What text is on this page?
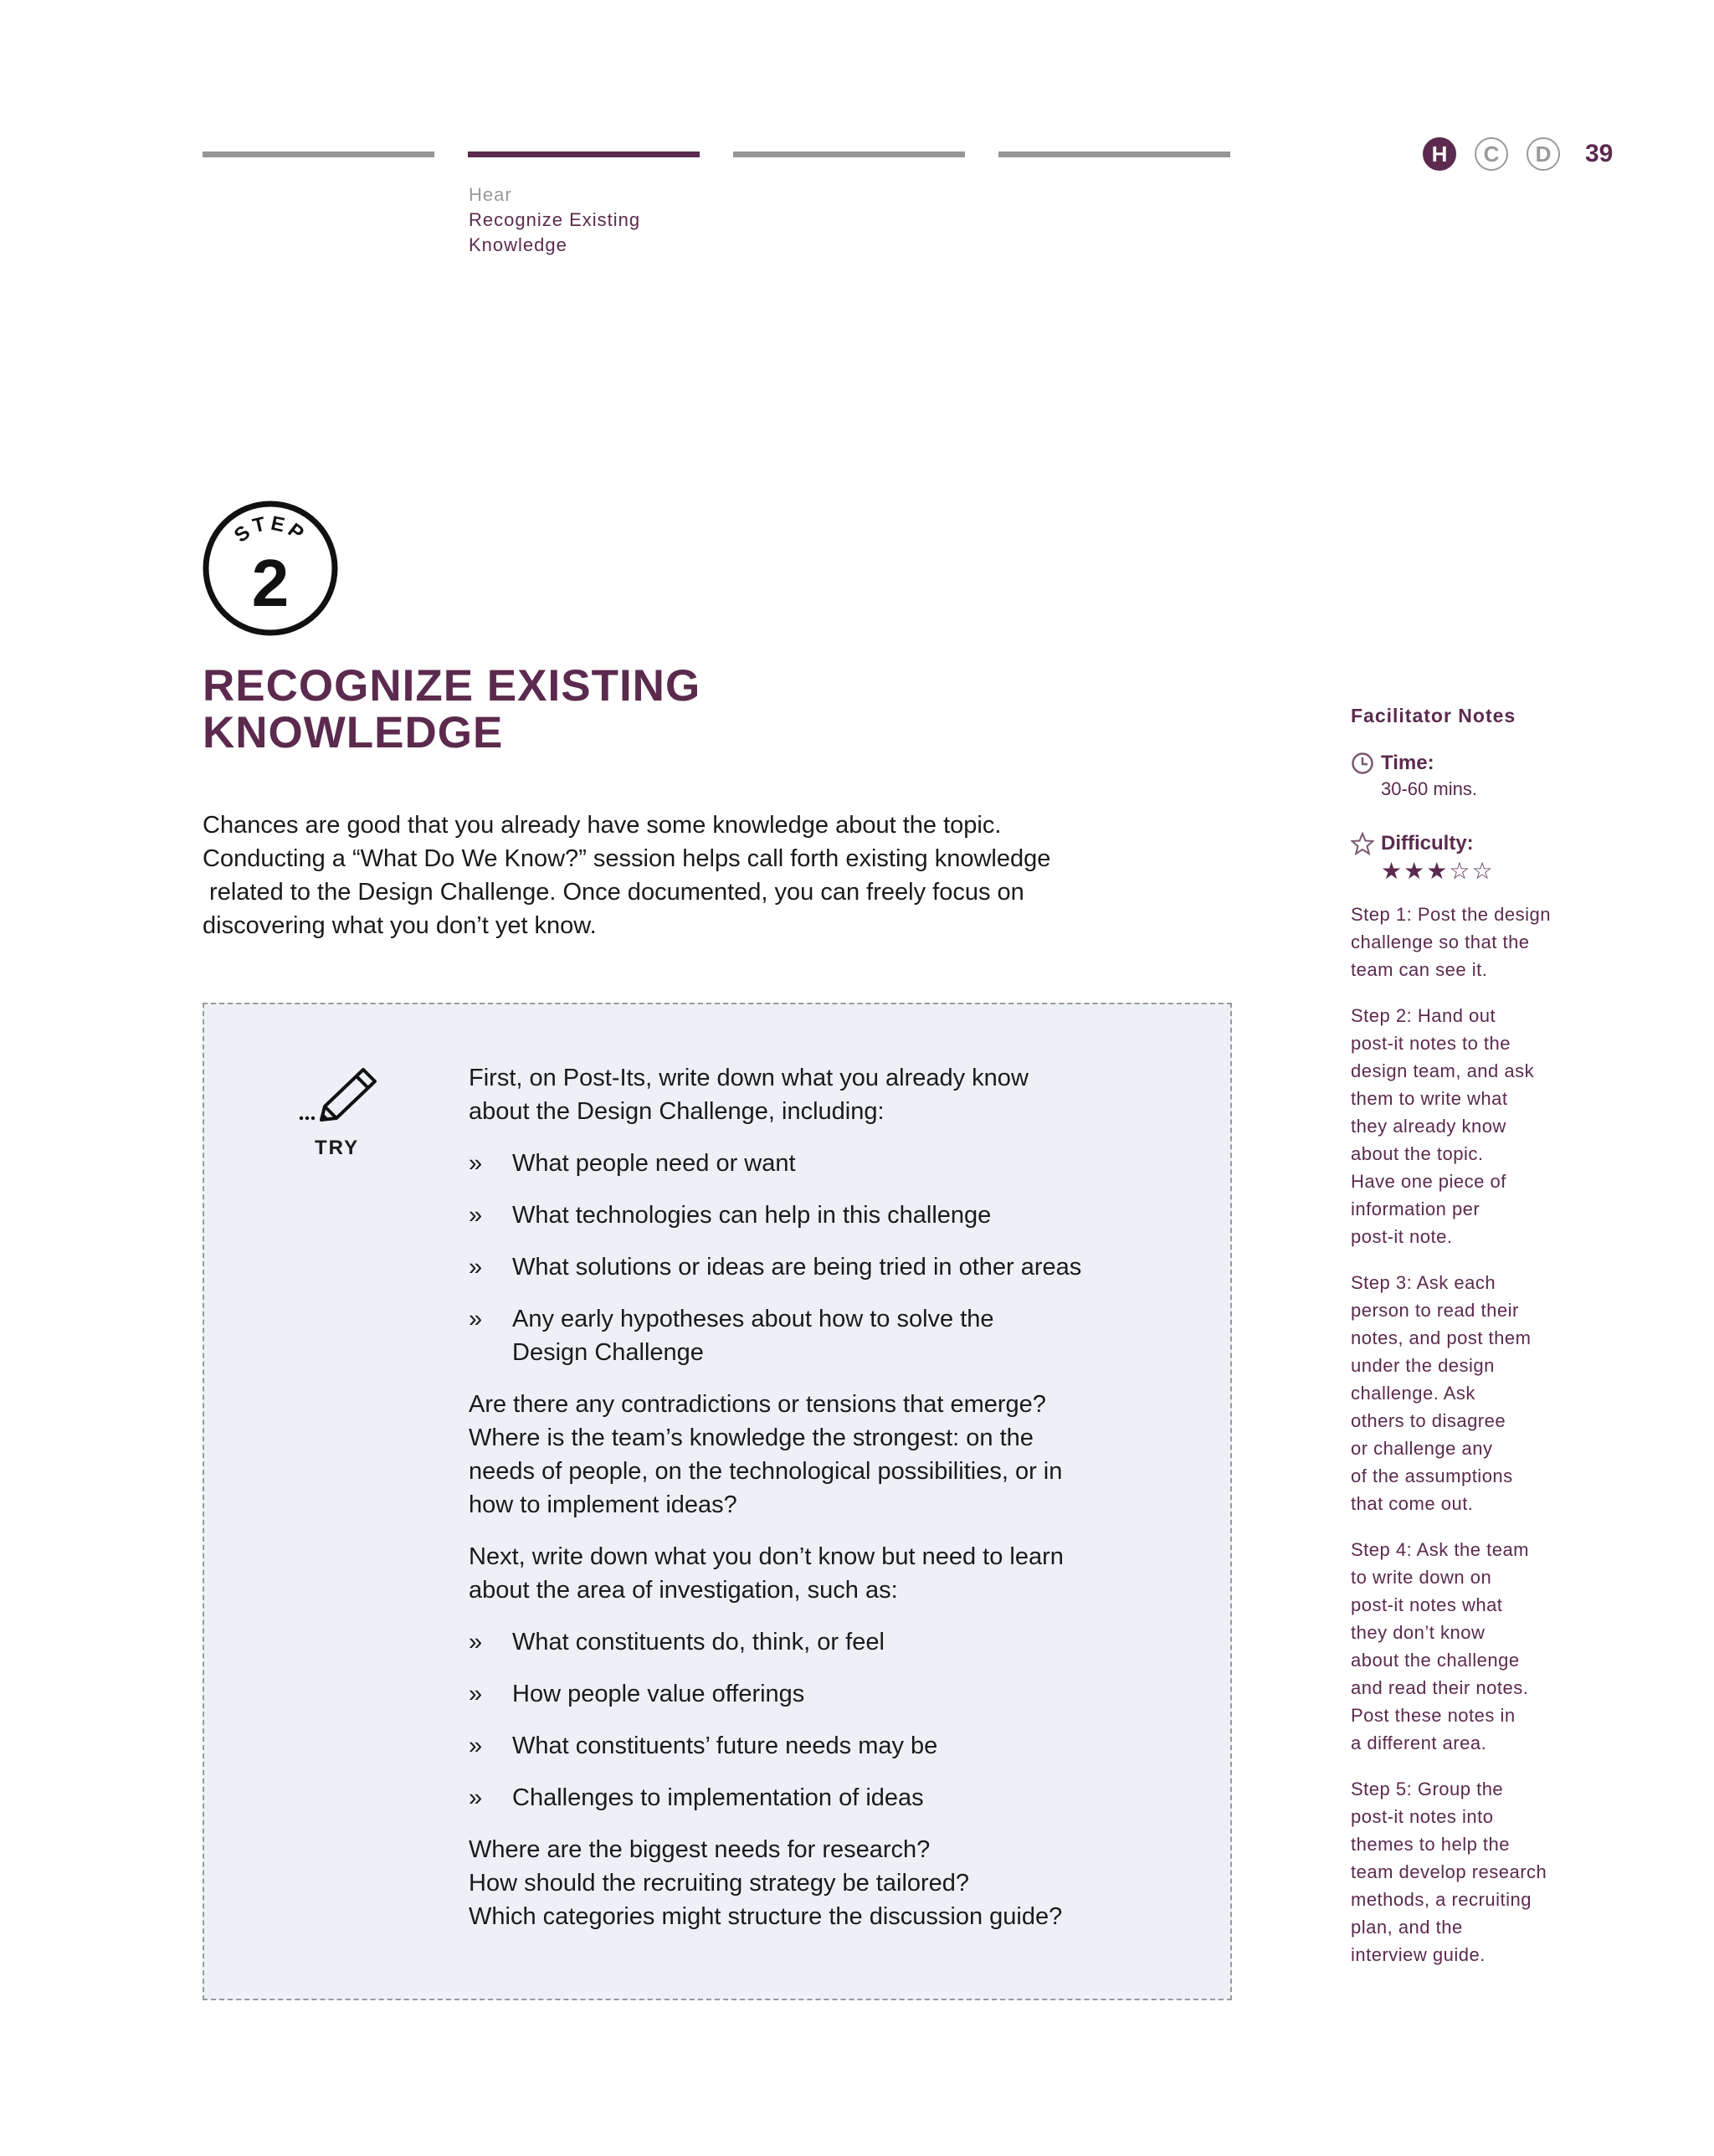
Hear
Recognize Existing
Knowledge
H	C	D	39
STEP
2
RECOGNIZE EXISTING
KNOWLEDGE
Chances are good that you already have some knowledge about the topic.
Conducting a “What Do We Know?” session helps call forth existing knowledge
related to the Design Challenge. Once documented, you can freely focus on
discovering what you don’t yet know.
TRY

First, on Post-Its, write down what you already know
about the Design Challenge, including:

» What people need or want
» What technologies can help in this challenge
» What solutions or ideas are being tried in other areas
» Any early hypotheses about how to solve the
Design Challenge

Are there any contradictions or tensions that emerge?
Where is the team’s knowledge the strongest: on the
needs of people, on the technological possibilities, or in
how to implement ideas?

Next, write down what you don’t know but need to learn
about the area of investigation, such as:

» What constituents do, think, or feel
» How people value offerings
» What constituents’ future needs may be
» Challenges to implementation of ideas

Where are the biggest needs for research?
How should the recruiting strategy be tailored?
Which categories might structure the discussion guide?

Facilitator Notes
Time:
30-60 mins.
Difficulty:
★★★☆☆
Step 1: Post the design
challenge so that the
team can see it.
Step 2: Hand out
post-it notes to the
design team, and ask
them to write what
they already know
about the topic.
Have one piece of
information per
post-it note.
Step 3: Ask each
person to read their
notes, and post them
under the design
challenge. Ask
others to disagree
or challenge any
of the assumptions
that come out.
Step 4: Ask the team
to write down on
post-it notes what
they don’t know
about the challenge
and read their notes.
Post these notes in
a different area.
Step 5: Group the
post-it notes into
themes to help the
team develop research
methods, a recruiting
plan, and the
interview guide.
